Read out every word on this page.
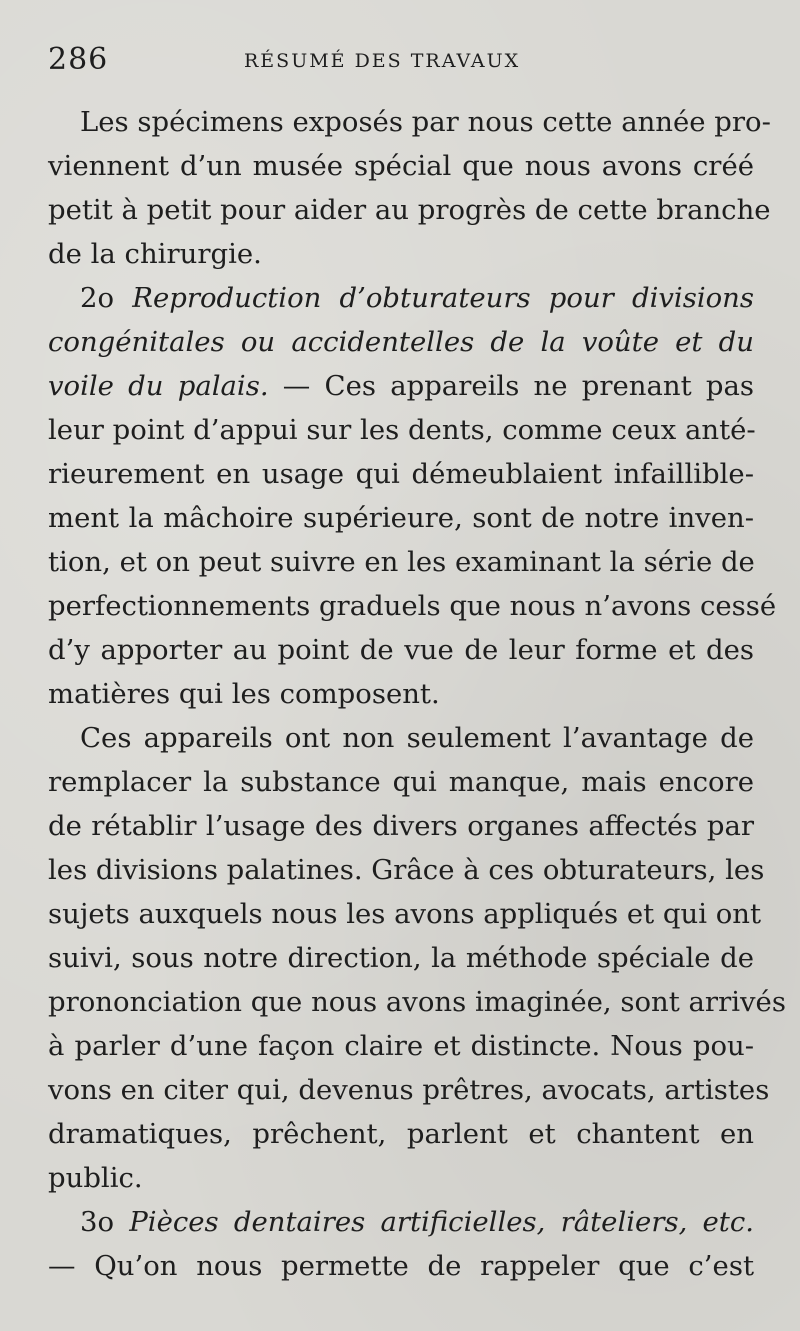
286	RÉSUMÉ DES TRAVAUX
Les spécimens exposés par nous cette année pro-
viennent d’un musée spécial que nous avons créé
petit à petit pour aider au progrès de cette branche
de la chirurgie.
2o Reproduction d’obturateurs pour divisions
congénitales ou accidentelles de la voûte et du
voile du palais. — Ces appareils ne prenant pas
leur point d’appui sur les dents, comme ceux anté-
rieurement en usage qui démeublaient infaillible-
ment la mâchoire supérieure, sont de notre inven-
tion, et on peut suivre en les examinant la série de
perfectionnements graduels que nous n’avons cessé
d’y apporter au point de vue de leur forme et des
matières qui les composent.
Ces appareils ont non seulement l’avantage de
remplacer la substance qui manque, mais encore
de rétablir l’usage des divers organes affectés par
les divisions palatines. Grâce à ces obturateurs, les
sujets auxquels nous les avons appliqués et qui ont
suivi, sous notre direction, la méthode spéciale de
prononciation que nous avons imaginée, sont arrivés
à parler d’une façon claire et distincte. Nous pou-
vons en citer qui, devenus prêtres, avocats, artistes
dramatiques, prêchent, parlent et chantent en
public.
3o Pièces dentaires artificielles, râteliers, etc.
— Qu’on nous permette de rappeler que c’est
